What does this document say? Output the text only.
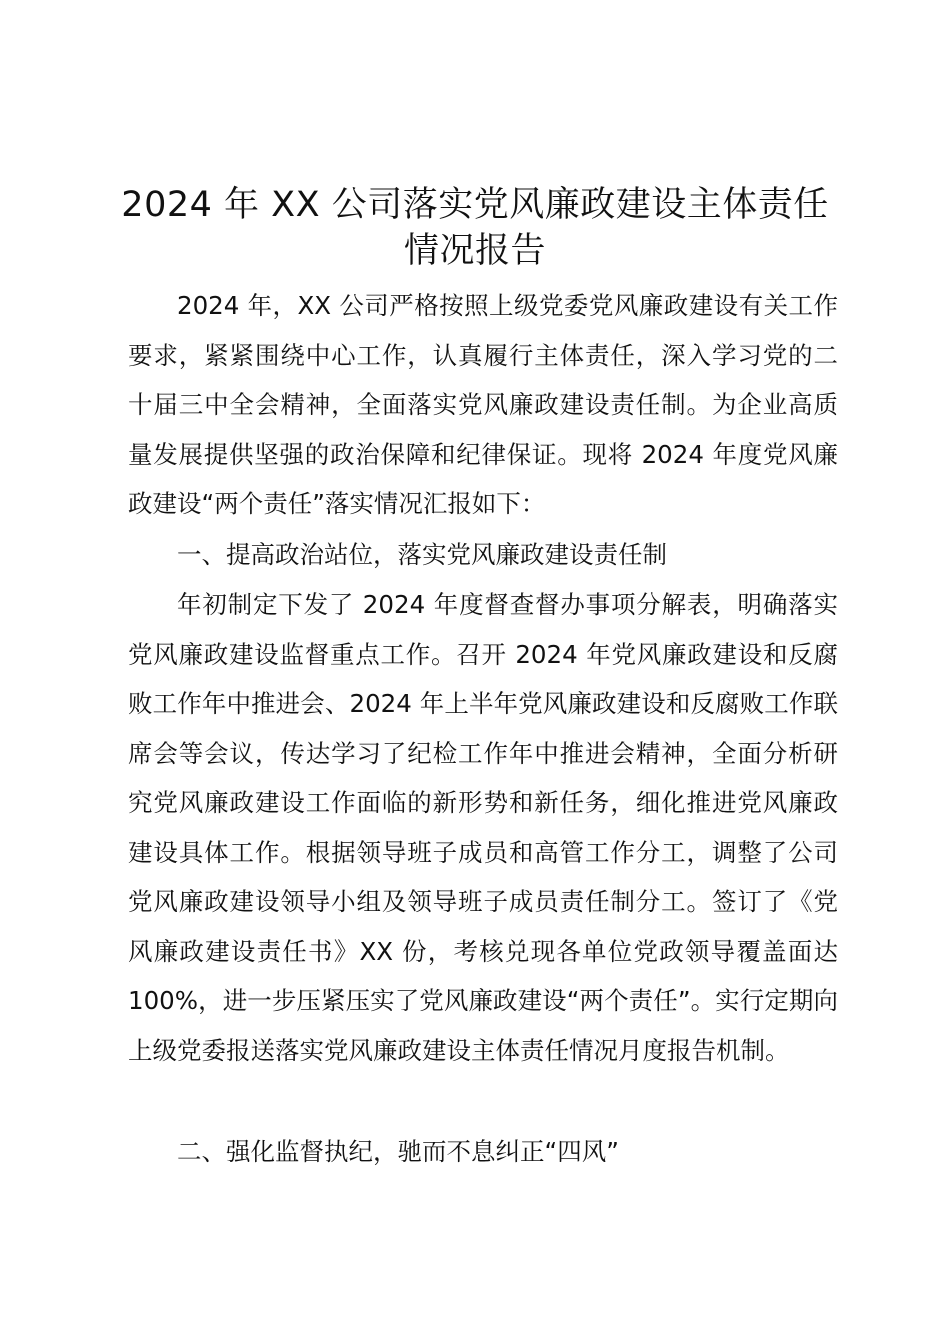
2024 年 XX 公司落实党风廉政建设主体责任
情况报告

2024 年，XX 公司严格按照上级党委党风廉政建设有关工作要求，紧紧围绕中心工作，认真履行主体责任，深入学习党的二十届三中全会精神，全面落实党风廉政建设责任制。为企业高质量发展提供坚强的政治保障和纪律保证。现将 2024 年度党风廉政建设“两个责任”落实情况汇报如下：

一、提高政治站位，落实党风廉政建设责任制

年初制定下发了 2024 年度督查督办事项分解表，明确落实党风廉政建设监督重点工作。召开 2024 年党风廉政建设和反腐败工作年中推进会、2024 年上半年党风廉政建设和反腐败工作联席会等会议，传达学习了纪检工作年中推进会精神，全面分析研究党风廉政建设工作面临的新形势和新任务，细化推进党风廉政建设具体工作。根据领导班子成员和高管工作分工，调整了公司党风廉政建设领导小组及领导班子成员责任制分工。签订了《党风廉政建设责任书》XX 份，考核兑现各单位党政领导覆盖面达 100%，进一步压紧压实了党风廉政建设“两个责任”。实行定期向上级党委报送落实党风廉政建设主体责任情况月度报告机制。

二、强化监督执纪，驰而不息纠正“四风”
